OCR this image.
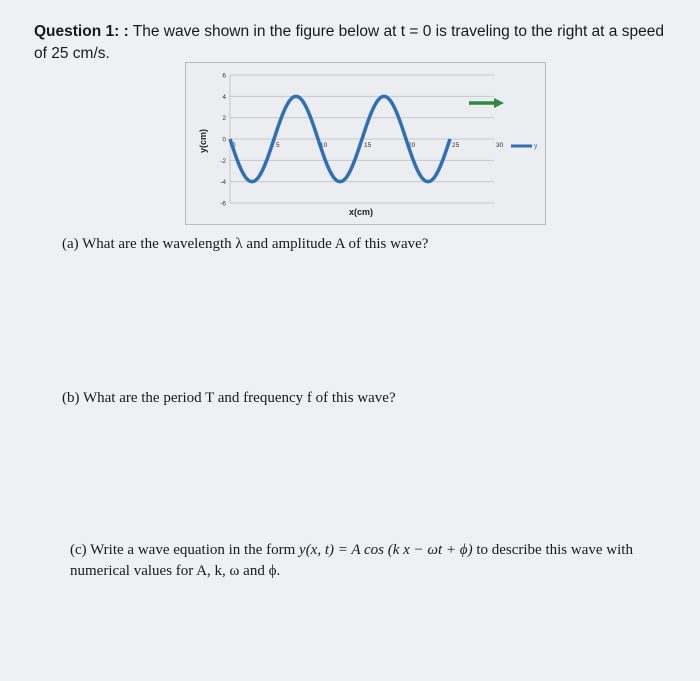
Question 1: : The wave shown in the figure below at t = 0 is traveling to the right at a speed of 25 cm/s.
6
4
2
0
-2
-4
-6
0	5	10	15	20	25	30	y
y(cm)
x(cm)
(a) What are the wavelength λ and amplitude A of this wave?
(b) What are the period T and frequency f of this wave?
(c) Write a wave equation in the form y(x, t) = A cos (k x − ωt + ϕ) to describe this wave with numerical values for A, k, ω and ϕ.
